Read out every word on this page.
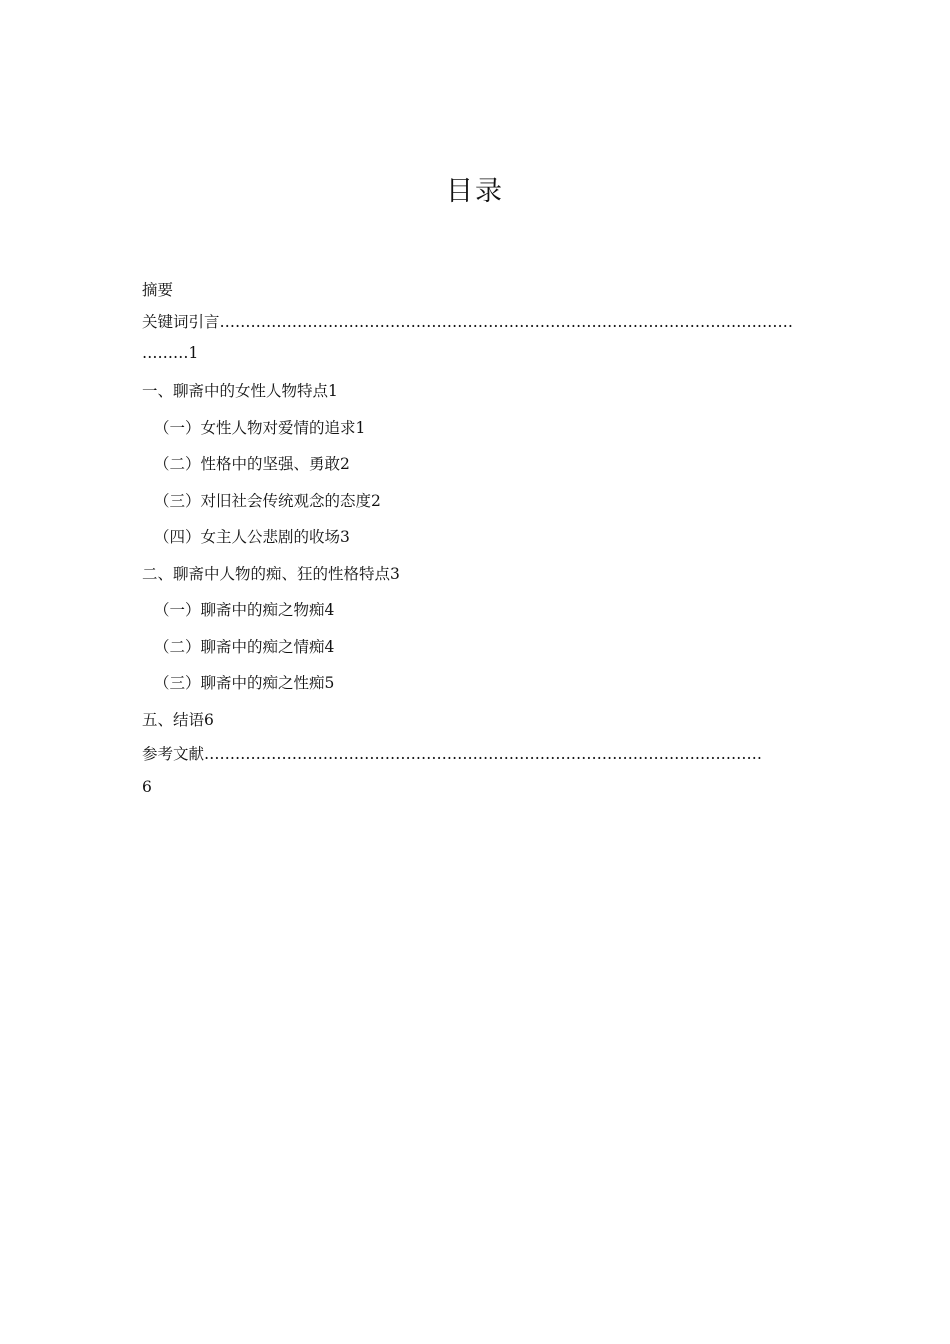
目录
摘要
关键词引言…………………………………………………………………………………………………
………1
一、聊斋中的女性人物特点1
（一）女性人物对爱情的追求1
（二）性格中的坚强、勇敢2
（三）对旧社会传统观念的态度2
（四）女主人公悲剧的收场3
二、聊斋中人物的痴、狂的性格特点3
（一）聊斋中的痴之物痴4
（二）聊斋中的痴之情痴4
（三）聊斋中的痴之性痴5
五、结语6
参考文献………………………………………………………………………………………………
6
